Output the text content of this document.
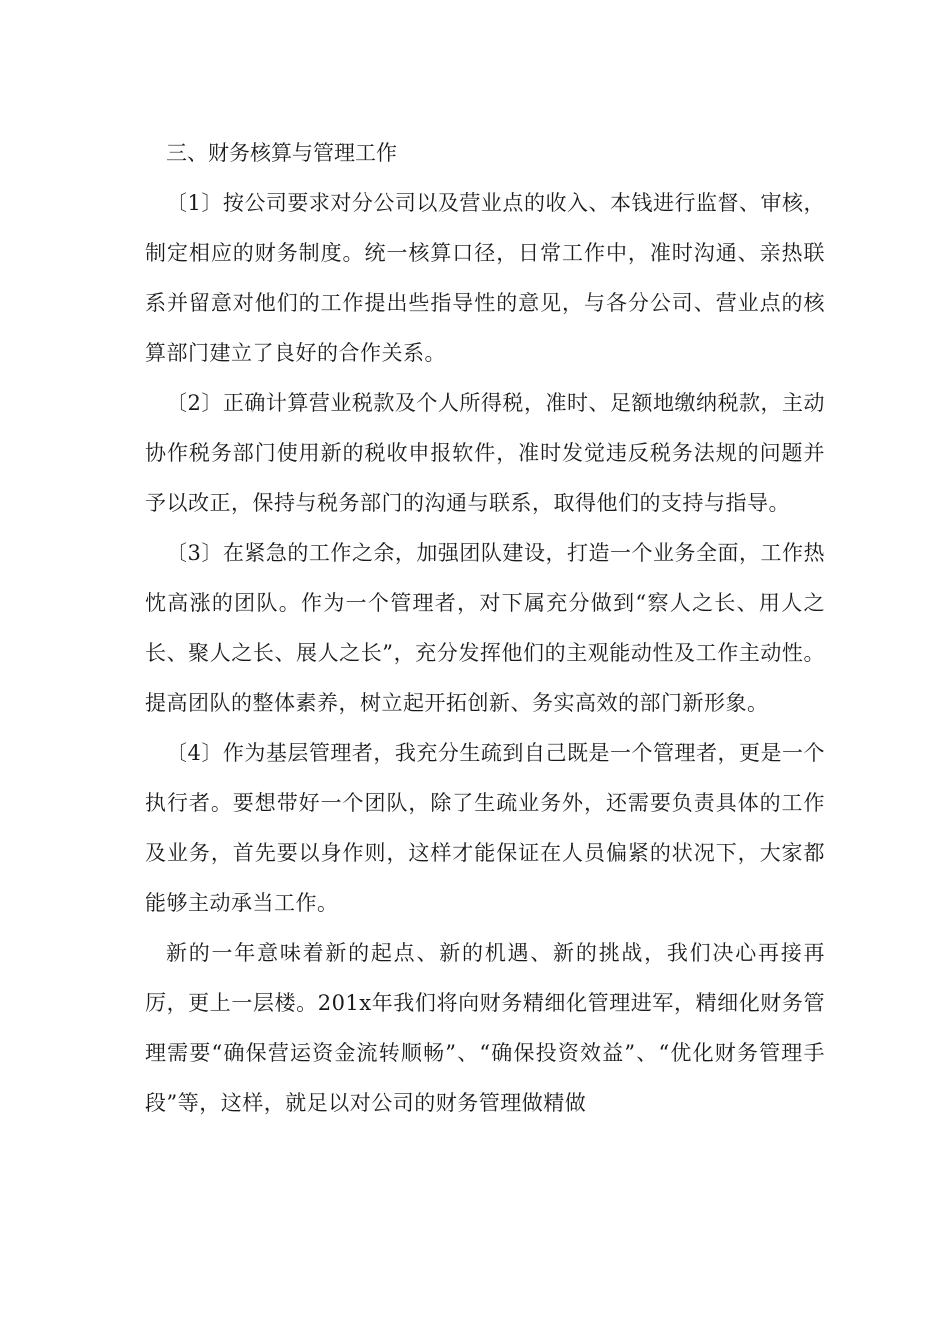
三、财务核算与管理工作

〔1〕按公司要求对分公司以及营业点的收入、本钱进行监督、审核，制定相应的财务制度。统一核算口径，日常工作中，准时沟通、亲热联系并留意对他们的工作提出些指导性的意见，与各分公司、营业点的核算部门建立了良好的合作关系。

〔2〕正确计算营业税款及个人所得税，准时、足额地缴纳税款，主动协作税务部门使用新的税收申报软件，准时发觉违反税务法规的问题并予以改正，保持与税务部门的沟通与联系，取得他们的支持与指导。

〔3〕在紧急的工作之余，加强团队建设，打造一个业务全面，工作热忱高涨的团队。作为一个管理者，对下属充分做到“察人之长、用人之长、聚人之长、展人之长”，充分发挥他们的主观能动性及工作主动性。提高团队的整体素养，树立起开拓创新、务实高效的部门新形象。

〔4〕作为基层管理者，我充分生疏到自己既是一个管理者，更是一个执行者。要想带好一个团队，除了生疏业务外，还需要负责具体的工作及业务，首先要以身作则，这样才能保证在人员偏紧的状况下，大家都能够主动承当工作。

新的一年意味着新的起点、新的机遇、新的挑战，我们决心再接再厉，更上一层楼。201x年我们将向财务精细化管理进军，精细化财务管理需要“确保营运资金流转顺畅”、“确保投资效益”、“优化财务管理手段”等，这样，就足以对公司的财务管理做精做
